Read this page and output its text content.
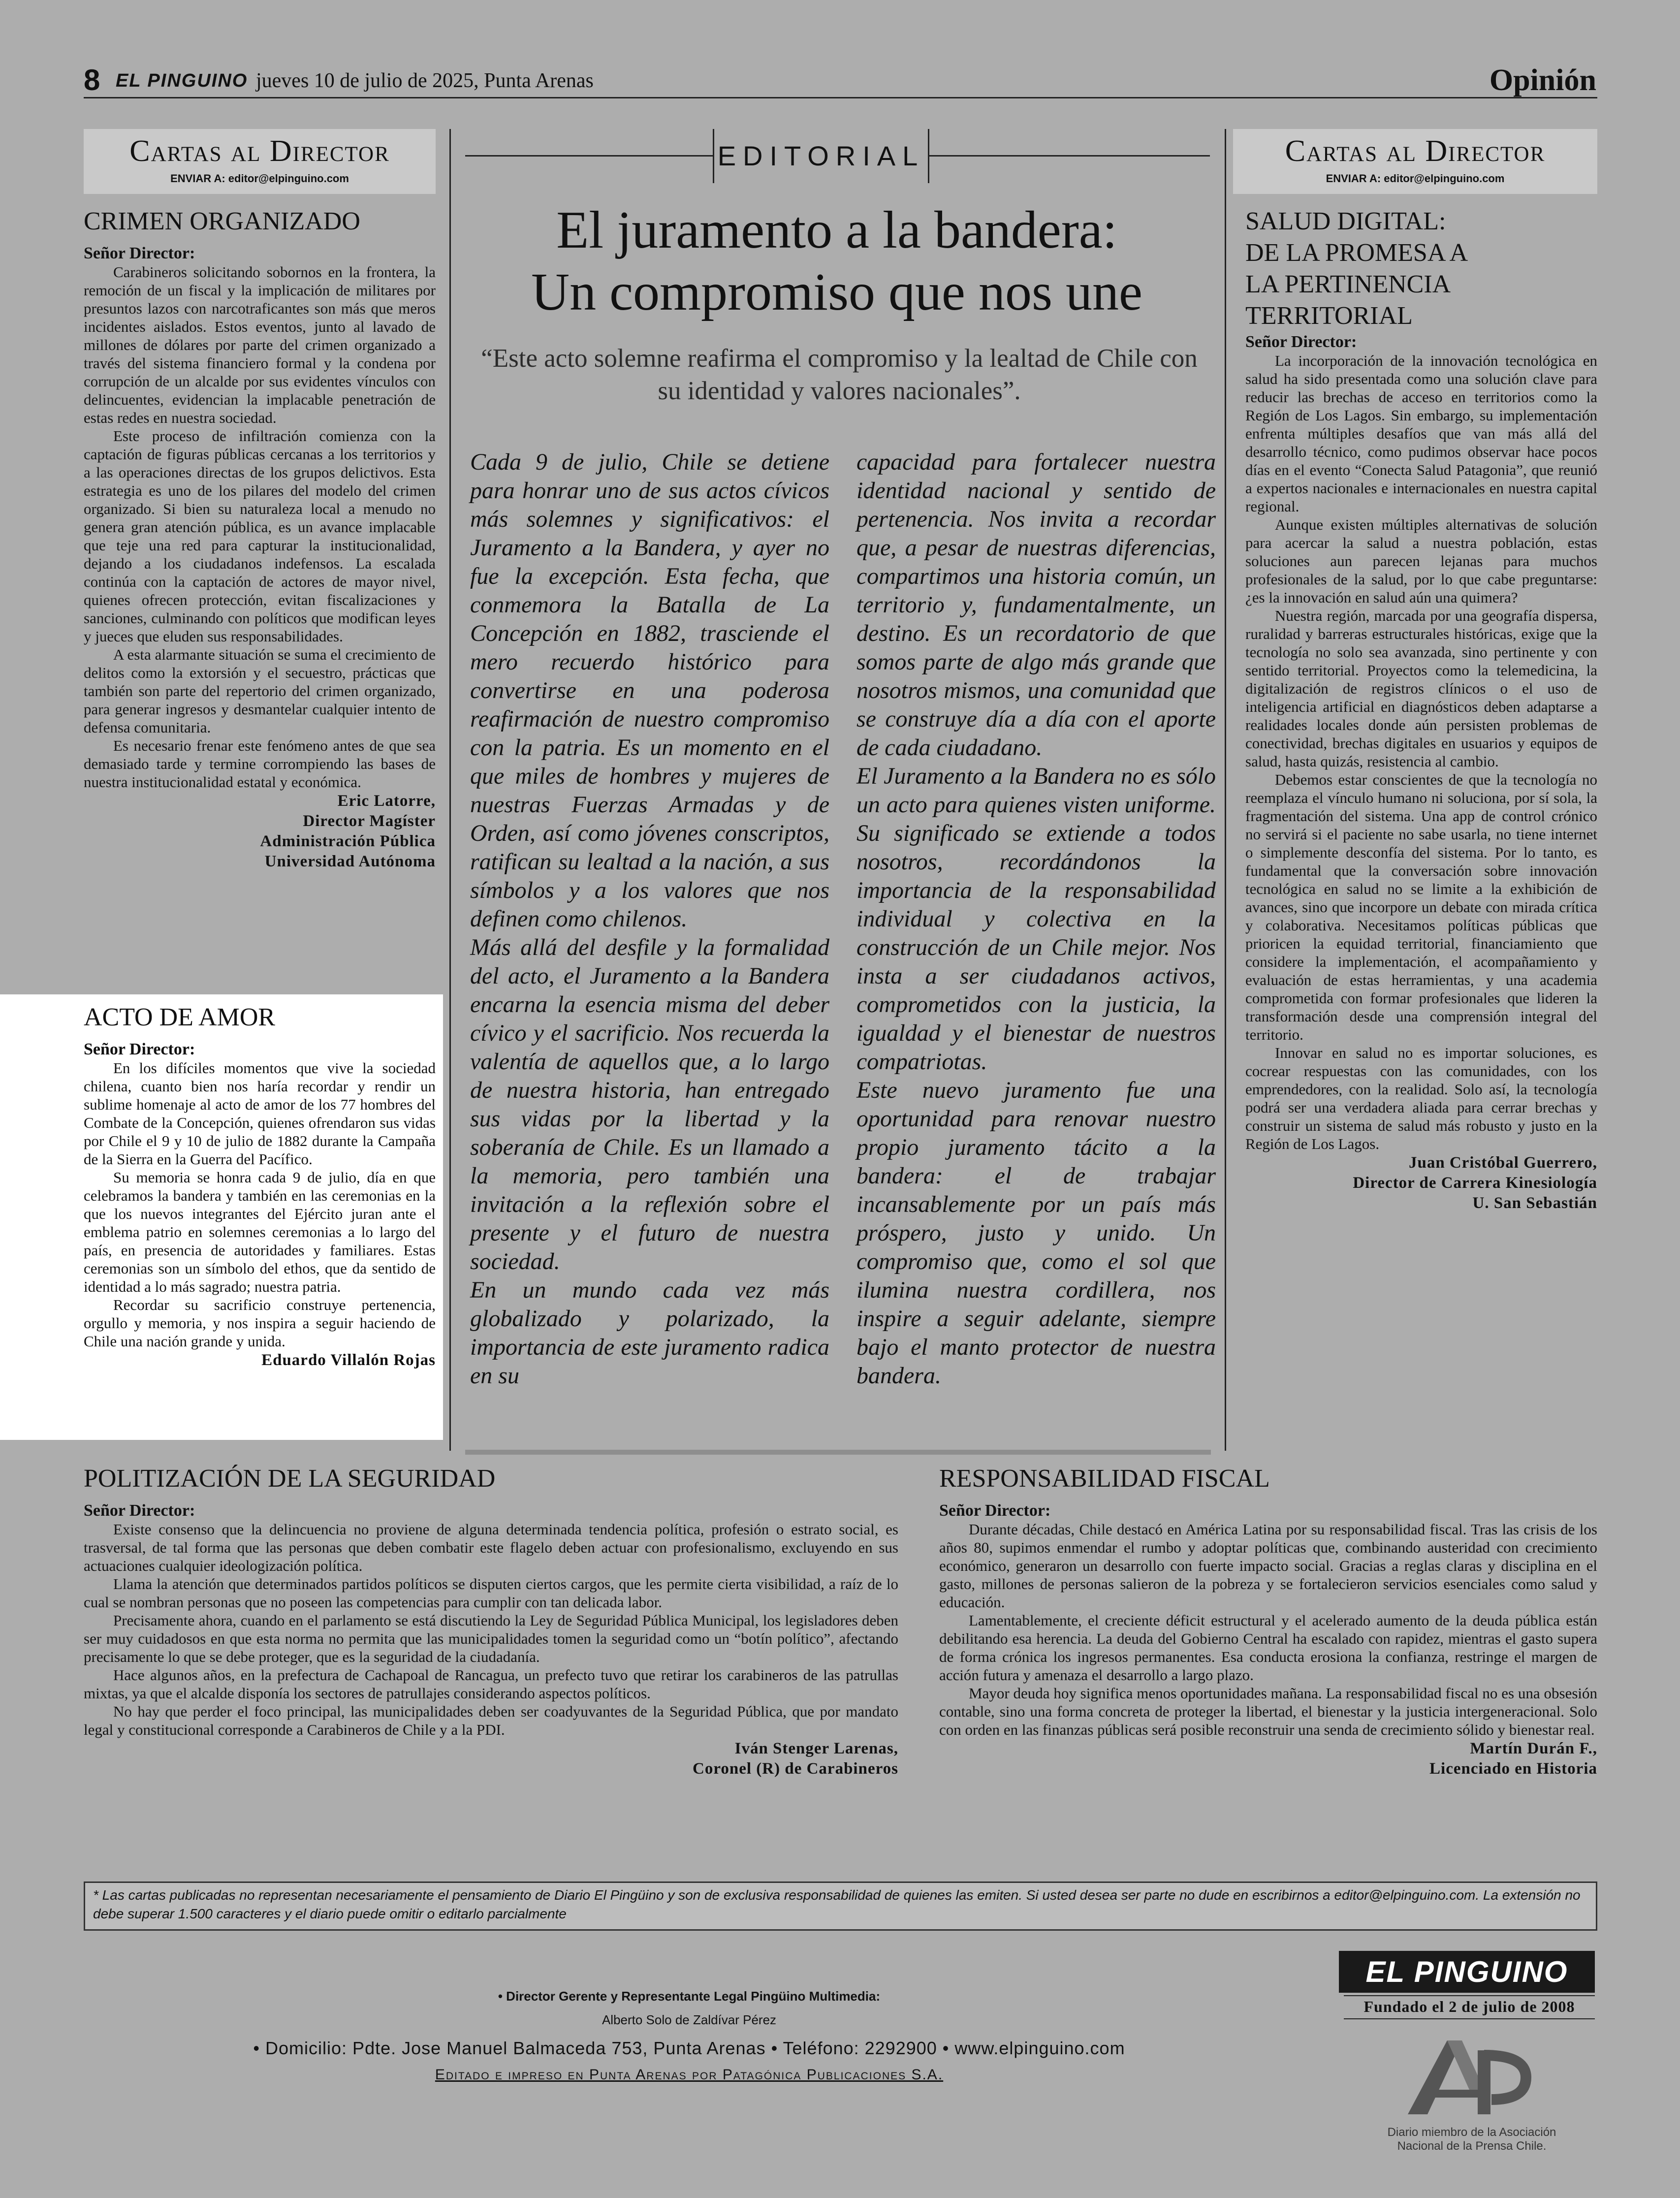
8 EL PINGUINO jueves 10 de julio de 2025, Punta Arenas	Opinión
Cartas al Director
ENVIAR A: editor@elpinguino.com
CRIMEN ORGANIZADO
Señor Director:

Carabineros solicitando sobornos en la frontera, la remoción de un fiscal y la implicación de militares por presuntos lazos con narcotraficantes son más que meros incidentes aislados. Estos eventos, junto al lavado de millones de dólares por parte del crimen organizado a través del sistema financiero formal y la condena por corrupción de un alcalde por sus evidentes vínculos con delincuentes, evidencian la implacable penetración de estas redes en nuestra sociedad.

Este proceso de infiltración comienza con la captación de figuras públicas cercanas a los territorios y a las operaciones directas de los grupos delictivos. Esta estrategia es uno de los pilares del modelo del crimen organizado. Si bien su naturaleza local a menudo no genera gran atención pública, es un avance implacable que teje una red para capturar la institucionalidad, dejando a los ciudadanos indefensos. La escalada continúa con la captación de actores de mayor nivel, quienes ofrecen protección, evitan fiscalizaciones y sanciones, culminando con políticos que modifican leyes y jueces que eluden sus responsabilidades.

A esta alarmante situación se suma el crecimiento de delitos como la extorsión y el secuestro, prácticas que también son parte del repertorio del crimen organizado, para generar ingresos y desmantelar cualquier intento de defensa comunitaria.

Es necesario frenar este fenómeno antes de que sea demasiado tarde y termine corrompiendo las bases de nuestra institucionalidad estatal y económica.

Eric Latorre,
Director Magíster
Administración Pública
Universidad Autónoma
ACTO DE AMOR
Señor Director:

En los difíciles momentos que vive la sociedad chilena, cuanto bien nos haría recordar y rendir un sublime homenaje al acto de amor de los 77 hombres del Combate de la Concepción, quienes ofrendaron sus vidas por Chile el 9 y 10 de julio de 1882 durante la Campaña de la Sierra en la Guerra del Pacífico.

Su memoria se honra cada 9 de julio, día en que celebramos la bandera y también en las ceremonias en la que los nuevos integrantes del Ejército juran ante el emblema patrio en solemnes ceremonias a lo largo del país, en presencia de autoridades y familiares. Estas ceremonias son un símbolo del ethos, que da sentido de identidad a lo más sagrado; nuestra patria.

Recordar su sacrificio construye pertenencia, orgullo y memoria, y nos inspira a seguir haciendo de Chile una nación grande y unida.

Eduardo Villalón Rojas
EDITORIAL
El juramento a la bandera:
Un compromiso que nos une
“Este acto solemne reafirma el compromiso y la lealtad de Chile con su identidad y valores nacionales”.

Cada 9 de julio, Chile se detiene para honrar uno de sus actos cívicos más solemnes y significativos: el Juramento a la Bandera, y ayer no fue la excepción. Esta fecha, que conmemora la Batalla de La Concepción en 1882, trasciende el mero recuerdo histórico para convertirse en una poderosa reafirmación de nuestro compromiso con la patria. Es un momento en el que miles de hombres y mujeres de nuestras Fuerzas Armadas y de Orden, así como jóvenes conscriptos, ratifican su lealtad a la nación, a sus símbolos y a los valores que nos definen como chilenos.

Más allá del desfile y la formalidad del acto, el Juramento a la Bandera encarna la esencia misma del deber cívico y el sacrificio. Nos recuerda la valentía de aquellos que, a lo largo de nuestra historia, han entregado sus vidas por la libertad y la soberanía de Chile. Es un llamado a la memoria, pero también una invitación a la reflexión sobre el presente y el futuro de nuestra sociedad.

En un mundo cada vez más globalizado y polarizado, la importancia de este juramento radica en su

capacidad para fortalecer nuestra identidad nacional y sentido de pertenencia. Nos invita a recordar que, a pesar de nuestras diferencias, compartimos una historia común, un territorio y, fundamentalmente, un destino. Es un recordatorio de que somos parte de algo más grande que nosotros mismos, una comunidad que se construye día a día con el aporte de cada ciudadano.

El Juramento a la Bandera no es sólo un acto para quienes visten uniforme. Su significado se extiende a todos nosotros, recordándonos la importancia de la responsabilidad individual y colectiva en la construcción de un Chile mejor. Nos insta a ser ciudadanos activos, comprometidos con la justicia, la igualdad y el bienestar de nuestros compatriotas.

Este nuevo juramento fue una oportunidad para renovar nuestro propio juramento tácito a la bandera: el de trabajar incansablemente por un país más próspero, justo y unido. Un compromiso que, como el sol que ilumina nuestra cordillera, nos inspire a seguir adelante, siempre bajo el manto protector de nuestra bandera.

Cartas al Director
ENVIAR A: editor@elpinguino.com
SALUD DIGITAL:
DE LA PROMESA A
LA PERTINENCIA
TERRITORIAL
Señor Director:

La incorporación de la innovación tecnológica en salud ha sido presentada como una solución clave para reducir las brechas de acceso en territorios como la Región de Los Lagos. Sin embargo, su implementación enfrenta múltiples desafíos que van más allá del desarrollo técnico, como pudimos observar hace pocos días en el evento “Conecta Salud Patagonia”, que reunió a expertos nacionales e internacionales en nuestra capital regional.

Aunque existen múltiples alternativas de solución para acercar la salud a nuestra población, estas soluciones aun parecen lejanas para muchos profesionales de la salud, por lo que cabe preguntarse: ¿es la innovación en salud aún una quimera?

Nuestra región, marcada por una geografía dispersa, ruralidad y barreras estructurales históricas, exige que la tecnología no solo sea avanzada, sino pertinente y con sentido territorial. Proyectos como la telemedicina, la digitalización de registros clínicos o el uso de inteligencia artificial en diagnósticos deben adaptarse a realidades locales donde aún persisten problemas de conectividad, brechas digitales en usuarios y equipos de salud, hasta quizás, resistencia al cambio.

Debemos estar conscientes de que la tecnología no reemplaza el vínculo humano ni soluciona, por sí sola, la fragmentación del sistema. Una app de control crónico no servirá si el paciente no sabe usarla, no tiene internet o simplemente desconfía del sistema. Por lo tanto, es fundamental que la conversación sobre innovación tecnológica en salud no se limite a la exhibición de avances, sino que incorpore un debate con mirada crítica y colaborativa. Necesitamos políticas públicas que prioricen la equidad territorial, financiamiento que considere la implementación, el acompañamiento y evaluación de estas herramientas, y una academia comprometida con formar profesionales que lideren la transformación desde una comprensión integral del territorio.

Innovar en salud no es importar soluciones, es cocrear respuestas con las comunidades, con los emprendedores, con la realidad. Solo así, la tecnología podrá ser una verdadera aliada para cerrar brechas y construir un sistema de salud más robusto y justo en la Región de Los Lagos.

Juan Cristóbal Guerrero,
Director de Carrera Kinesiología
U. San Sebastián
POLITIZACIÓN DE LA SEGURIDAD
Señor Director:

Existe consenso que la delincuencia no proviene de alguna determinada tendencia política, profesión o estrato social, es trasversal, de tal forma que las personas que deben combatir este flagelo deben actuar con profesionalismo, excluyendo en sus actuaciones cualquier ideologización política.

Llama la atención que determinados partidos políticos se disputen ciertos cargos, que les permite cierta visibilidad, a raíz de lo cual se nombran personas que no poseen las competencias para cumplir con tan delicada labor.

Precisamente ahora, cuando en el parlamento se está discutiendo la Ley de Seguridad Pública Municipal, los legisladores deben ser muy cuidadosos en que esta norma no permita que las municipalidades tomen la seguridad como un “botín político”, afectando precisamente lo que se debe proteger, que es la seguridad de la ciudadanía.

Hace algunos años, en la prefectura de Cachapoal de Rancagua, un prefecto tuvo que retirar los carabineros de las patrullas mixtas, ya que el alcalde disponía los sectores de patrullajes considerando aspectos políticos.

No hay que perder el foco principal, las municipalidades deben ser coadyuvantes de la Seguridad Pública, que por mandato legal y constitucional corresponde a Carabineros de Chile y a la PDI.

Iván Stenger Larenas,
Coronel (R) de Carabineros
RESPONSABILIDAD FISCAL
Señor Director:

Durante décadas, Chile destacó en América Latina por su responsabilidad fiscal. Tras las crisis de los años 80, supimos enmendar el rumbo y adoptar políticas que, combinando austeridad con crecimiento económico, generaron un desarrollo con fuerte impacto social. Gracias a reglas claras y disciplina en el gasto, millones de personas salieron de la pobreza y se fortalecieron servicios esenciales como salud y educación.

Lamentablemente, el creciente déficit estructural y el acelerado aumento de la deuda pública están debilitando esa herencia. La deuda del Gobierno Central ha escalado con rapidez, mientras el gasto supera de forma crónica los ingresos permanentes. Esa conducta erosiona la confianza, restringe el margen de acción futura y amenaza el desarrollo a largo plazo.

Mayor deuda hoy significa menos oportunidades mañana. La responsabilidad fiscal no es una obsesión contable, sino una forma concreta de proteger la libertad, el bienestar y la justicia intergeneracional. Solo con orden en las finanzas públicas será posible reconstruir una senda de crecimiento sólido y bienestar real.

Martín Durán F.,
Licenciado en Historia
* Las cartas publicadas no representan necesariamente el pensamiento de Diario El Pingüino y son de exclusiva responsabilidad de quienes las emiten. Si usted desea ser parte no dude en escribirnos a editor@elpinguino.com. La extensión no debe superar 1.500 caracteres y el diario puede omitir o editarlo parcialmente
• Director Gerente y Representante Legal Pingüino Multimedia:
Alberto Solo de Zaldívar Pérez
• Domicilio: Pdte. Jose Manuel Balmaceda 753, Punta Arenas • Teléfono: 2292900 • www.elpinguino.com
Editado e impreso en Punta Arenas por Patagónica Publicaciones S.A.
EL PINGUINO
Fundado el 2 de julio de 2008
Diario miembro de la Asociación Nacional de la Prensa Chile.
